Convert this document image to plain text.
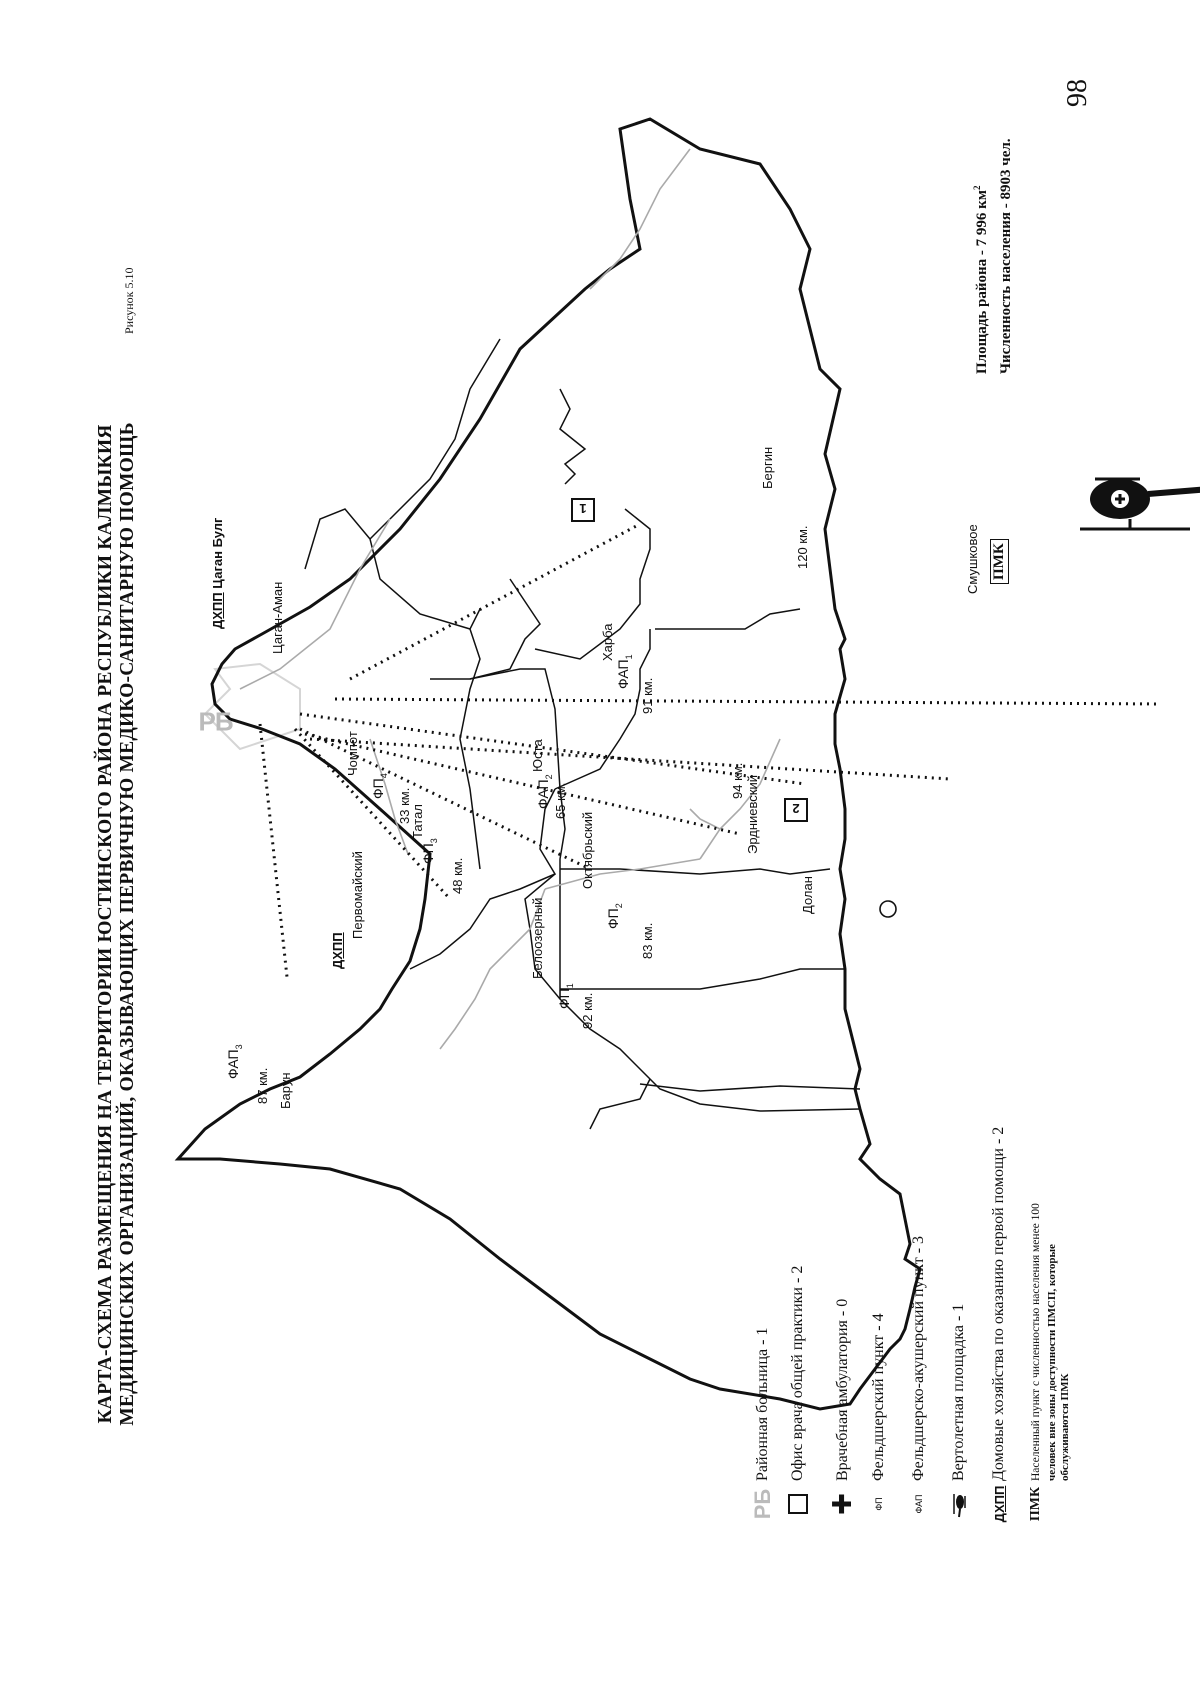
КАРТА-СХЕМА РАЗМЕЩЕНИЯ НА ТЕРРИТОРИИ ЮСТИНСКОГО РАЙОНА РЕСПУБЛИКИ КАЛМЫКИЯ МЕДИЦИНСКИХ ОРГАНИЗАЦИЙ, ОКАЗЫВАЮЩИХ ПЕРВИЧНУЮ МЕДИКО-САНИТАРНУЮ ПОМОЩЬ
Рисунок 5.10
98
1
2
РБ
ДХПП Цаган Булг
Цаган-Аман
Чомпот
$ФП_4$
33 км.
Юста
$ФАП_2$
65 км.
Татал
$ФП_3$
48 км.	Октябрьский
$ФП_2$
83 км.
Белоозерный
$ФП_1$
92 км.
Первомайский
ДХПП
$ФАП_3$
87 км. Барун
Харба
$ФАП_1$
91 км.
Эрдниевский
94 км.
Долан
Бергин
120 км.	Смушковое ПМК
Площадь района - 7 996 $км^2$	Численность населения - 8903 чел.
РБ
Районная больница - 1 Офис врача общей практики - 2
✚
Врачебная амбулатория - 0
ФП
Фельдшерский пункт - 4
ФАП
Фельдшерско-акушерский пункт - 3 Вертолетная площадка - 1
ДХПП
Домовые хозяйства по оказанию первой помощи - 2
ПМК
Населенный пункт с численностью населения менее 100 человек вне зоны доступности ПМСП, которые обслуживаются ПМК
